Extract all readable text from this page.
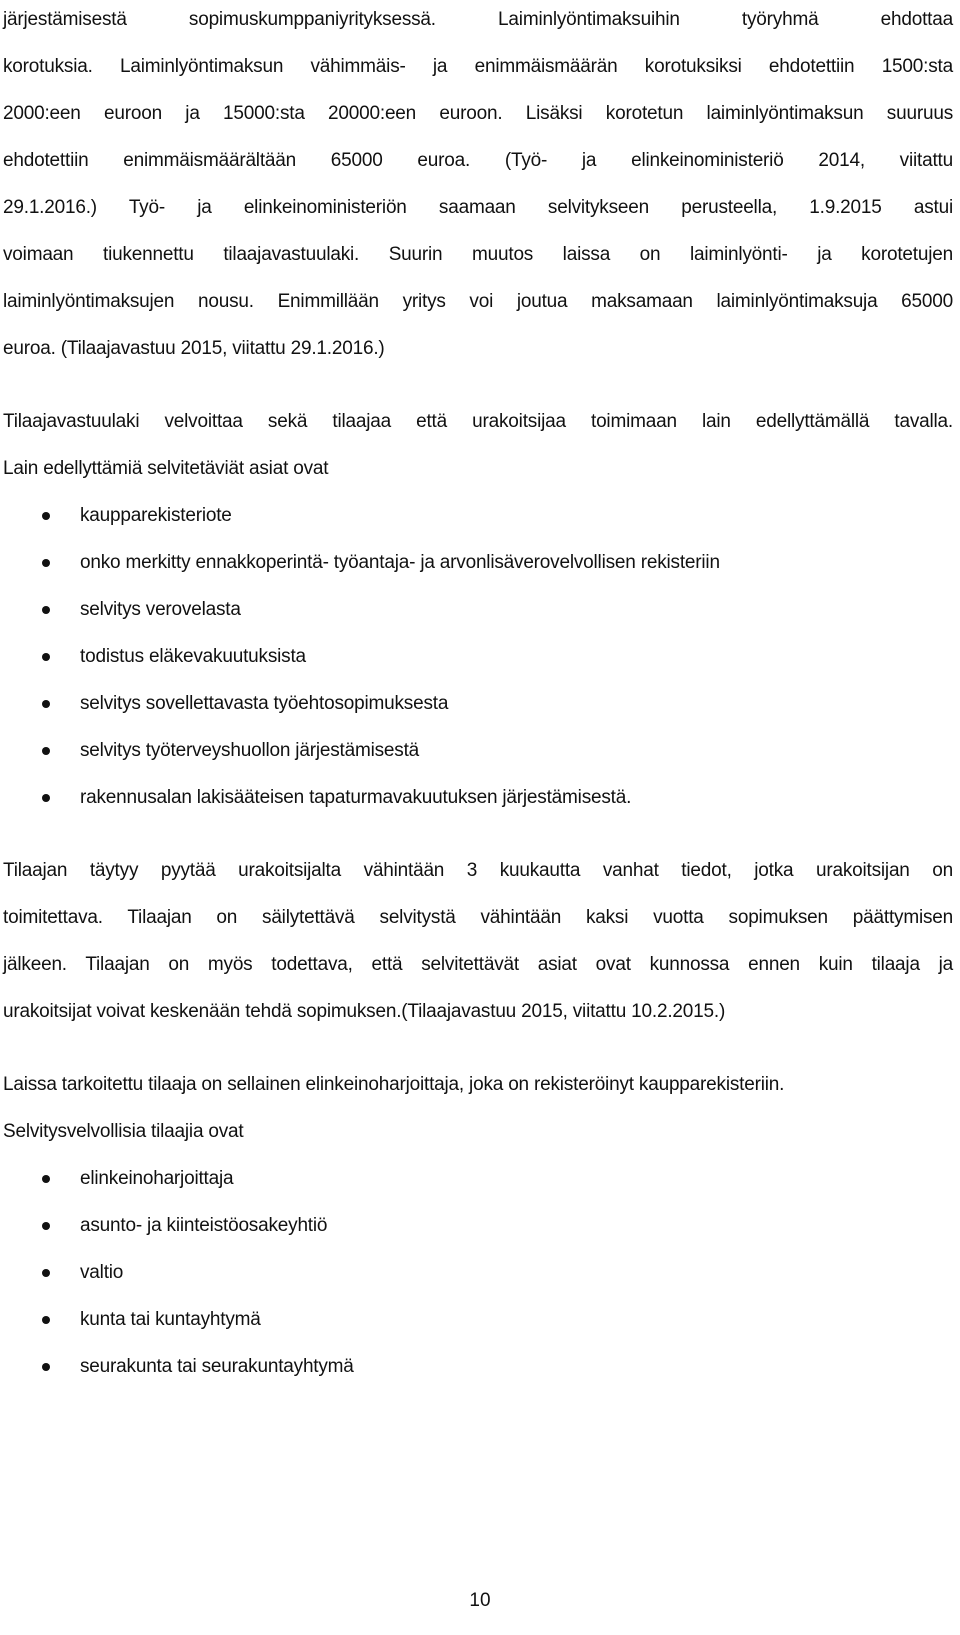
järjestämisestä sopimuskumppaniyrityksessä. Laiminlyöntimaksuihin työryhmä ehdottaa
korotuksia. Laiminlyöntimaksun vähimmäis- ja enimmäismäärän korotuksiksi ehdotettiin 1500:sta
2000:een euroon ja 15000:sta 20000:een euroon. Lisäksi korotetun laiminlyöntimaksun suuruus
ehdotettiin enimmäismäärältään 65000 euroa. (Työ- ja elinkeinoministeriö 2014, viitattu
29.1.2016.) Työ- ja elinkeinoministeriön saamaan selvitykseen perusteella, 1.9.2015 astui
voimaan tiukennettu tilaajavastuulaki. Suurin muutos laissa on laiminlyönti- ja korotetujen
laiminlyöntimaksujen nousu. Enimmillään yritys voi joutua maksamaan laiminlyöntimaksuja 65000
euroa. (Tilaajavastuu 2015, viitattu 29.1.2016.)

Tilaajavastuulaki velvoittaa sekä tilaajaa että urakoitsijaa toimimaan lain edellyttämällä tavalla.

Lain edellyttämiä selvitetäviät asiat ovat

kaupparekisteriote
onko merkitty ennakkoperintä- työantaja- ja arvonlisäverovelvollisen rekisteriin
selvitys verovelasta
todistus eläkevakuutuksista
selvitys sovellettavasta työehtosopimuksesta
selvitys työterveyshuollon järjestämisestä
rakennusalan lakisääteisen tapaturmavakuutuksen järjestämisestä.
Tilaajan täytyy pyytää urakoitsijalta vähintään 3 kuukautta vanhat tiedot, jotka urakoitsijan on
toimitettava. Tilaajan on säilytettävä selvitystä vähintään kaksi vuotta sopimuksen päättymisen
jälkeen. Tilaajan on myös todettava, että selvitettävät asiat ovat kunnossa ennen kuin tilaaja ja
urakoitsijat voivat keskenään tehdä sopimuksen.(Tilaajavastuu 2015, viitattu 10.2.2015.)

Laissa tarkoitettu tilaaja on sellainen elinkeinoharjoittaja, joka on rekisteröinyt kaupparekisteriin.

Selvitysvelvollisia tilaajia ovat

elinkeinoharjoittaja
asunto- ja kiinteistöosakeyhtiö
valtio
kunta tai kuntayhtymä
seurakunta tai seurakuntayhtymä
10
